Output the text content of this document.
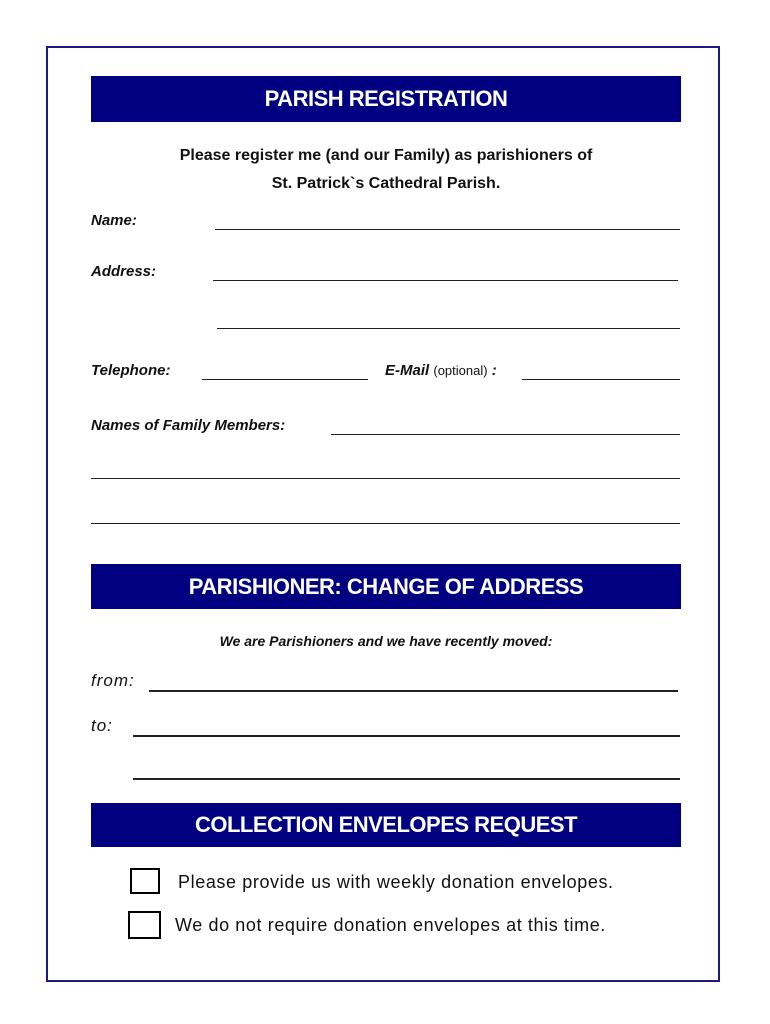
PARISH REGISTRATION
Please register me (and our Family) as parishioners of
St. Patrick`s Cathedral Parish.
Name:
Address:
Telephone:	E-Mail (optional) :
Names of Family Members:
PARISHIONER: CHANGE OF ADDRESS
We are Parishioners and we have recently moved:
from:
to:
COLLECTION ENVELOPES REQUEST
Please provide us with weekly donation envelopes.
We do not require donation envelopes at this time.
